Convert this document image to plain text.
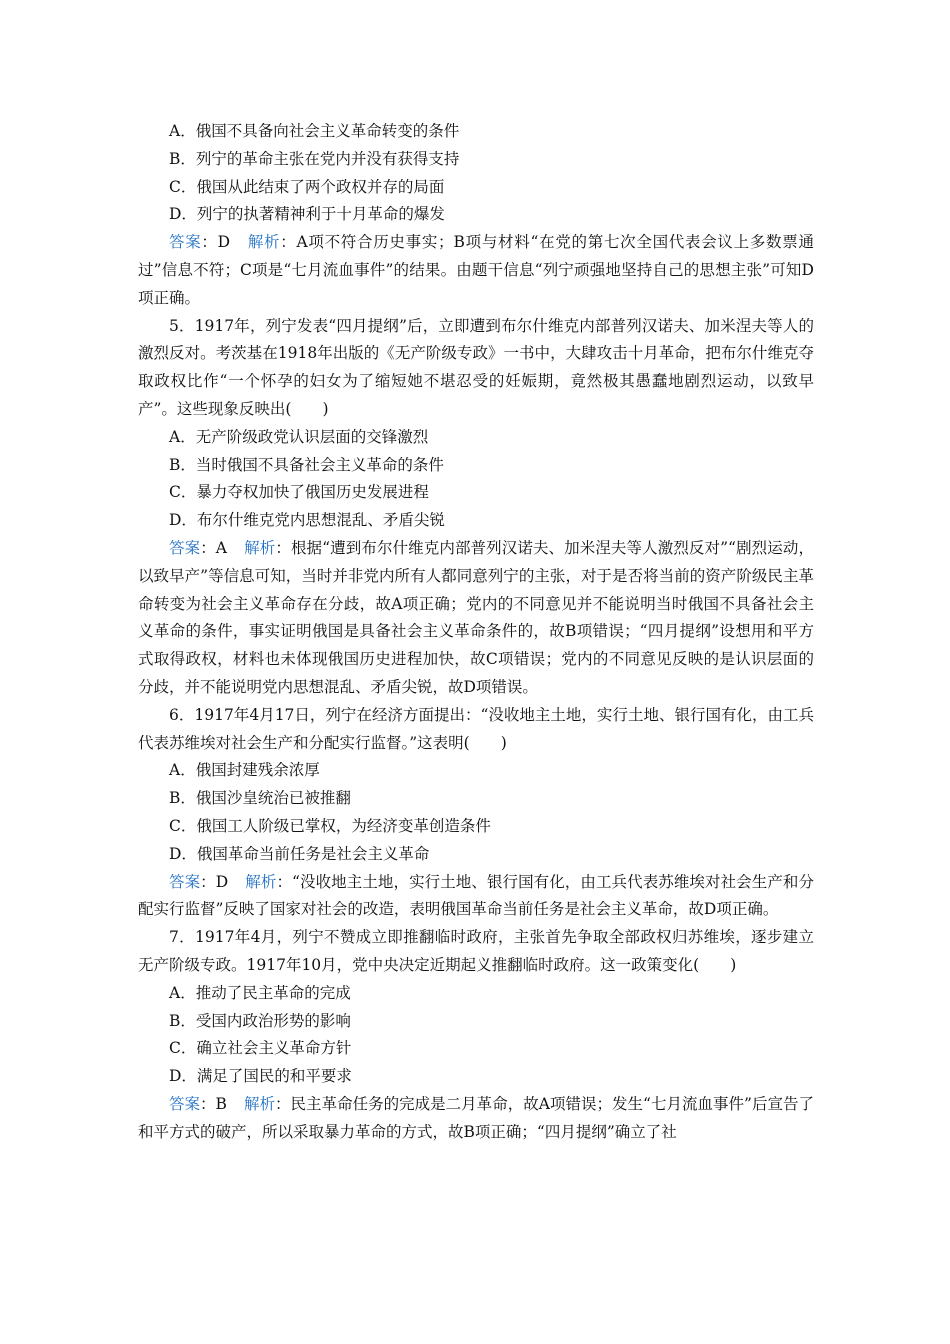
A．俄国不具备向社会主义革命转变的条件
B．列宁的革命主张在党内并没有获得支持
C．俄国从此结束了两个政权并存的局面
D．列宁的执著精神利于十月革命的爆发
答案：D 解析：A项不符合历史事实；B项与材料“在党的第七次全国代表会议上多数票通过”信息不符；C项是“七月流血事件”的结果。由题干信息“列宁顽强地坚持自己的思想主张”可知D项正确。
5．1917年，列宁发表“四月提纲”后，立即遭到布尔什维克内部普列汉诺夫、加米涅夫等人的激烈反对。考茨基在1918年出版的《无产阶级专政》一书中，大肆攻击十月革命，把布尔什维克夺取政权比作“一个怀孕的妇女为了缩短她不堪忍受的妊娠期，竟然极其愚蠢地剧烈运动，以致早产”。这些现象反映出(　　)
A．无产阶级政党认识层面的交锋激烈
B．当时俄国不具备社会主义革命的条件
C．暴力夺权加快了俄国历史发展进程
D．布尔什维克党内思想混乱、矛盾尖锐
答案：A 解析：根据“遭到布尔什维克内部普列汉诺夫、加米涅夫等人激烈反对”“剧烈运动，以致早产”等信息可知，当时并非党内所有人都同意列宁的主张，对于是否将当前的资产阶级民主革命转变为社会主义革命存在分歧，故A项正确；党内的不同意见并不能说明当时俄国不具备社会主义革命的条件，事实证明俄国是具备社会主义革命条件的，故B项错误；“四月提纲”设想用和平方式取得政权，材料也未体现俄国历史进程加快，故C项错误；党内的不同意见反映的是认识层面的分歧，并不能说明党内思想混乱、矛盾尖锐，故D项错误。
6．1917年4月17日，列宁在经济方面提出：“没收地主土地，实行土地、银行国有化，由工兵代表苏维埃对社会生产和分配实行监督。”这表明(　　)
A．俄国封建残余浓厚
B．俄国沙皇统治已被推翻
C．俄国工人阶级已掌权，为经济变革创造条件
D．俄国革命当前任务是社会主义革命
答案：D 解析：“没收地主土地，实行土地、银行国有化，由工兵代表苏维埃对社会生产和分配实行监督”反映了国家对社会的改造，表明俄国革命当前任务是社会主义革命，故D项正确。
7．1917年4月，列宁不赞成立即推翻临时政府，主张首先争取全部政权归苏维埃，逐步建立无产阶级专政。1917年10月，党中央决定近期起义推翻临时政府。这一政策变化(　　)
A．推动了民主革命的完成
B．受国内政治形势的影响
C．确立社会主义革命方针
D．满足了国民的和平要求
答案：B 解析：民主革命任务的完成是二月革命，故A项错误；发生“七月流血事件”后宣告了和平方式的破产，所以采取暴力革命的方式，故B项正确；“四月提纲”确立了社
